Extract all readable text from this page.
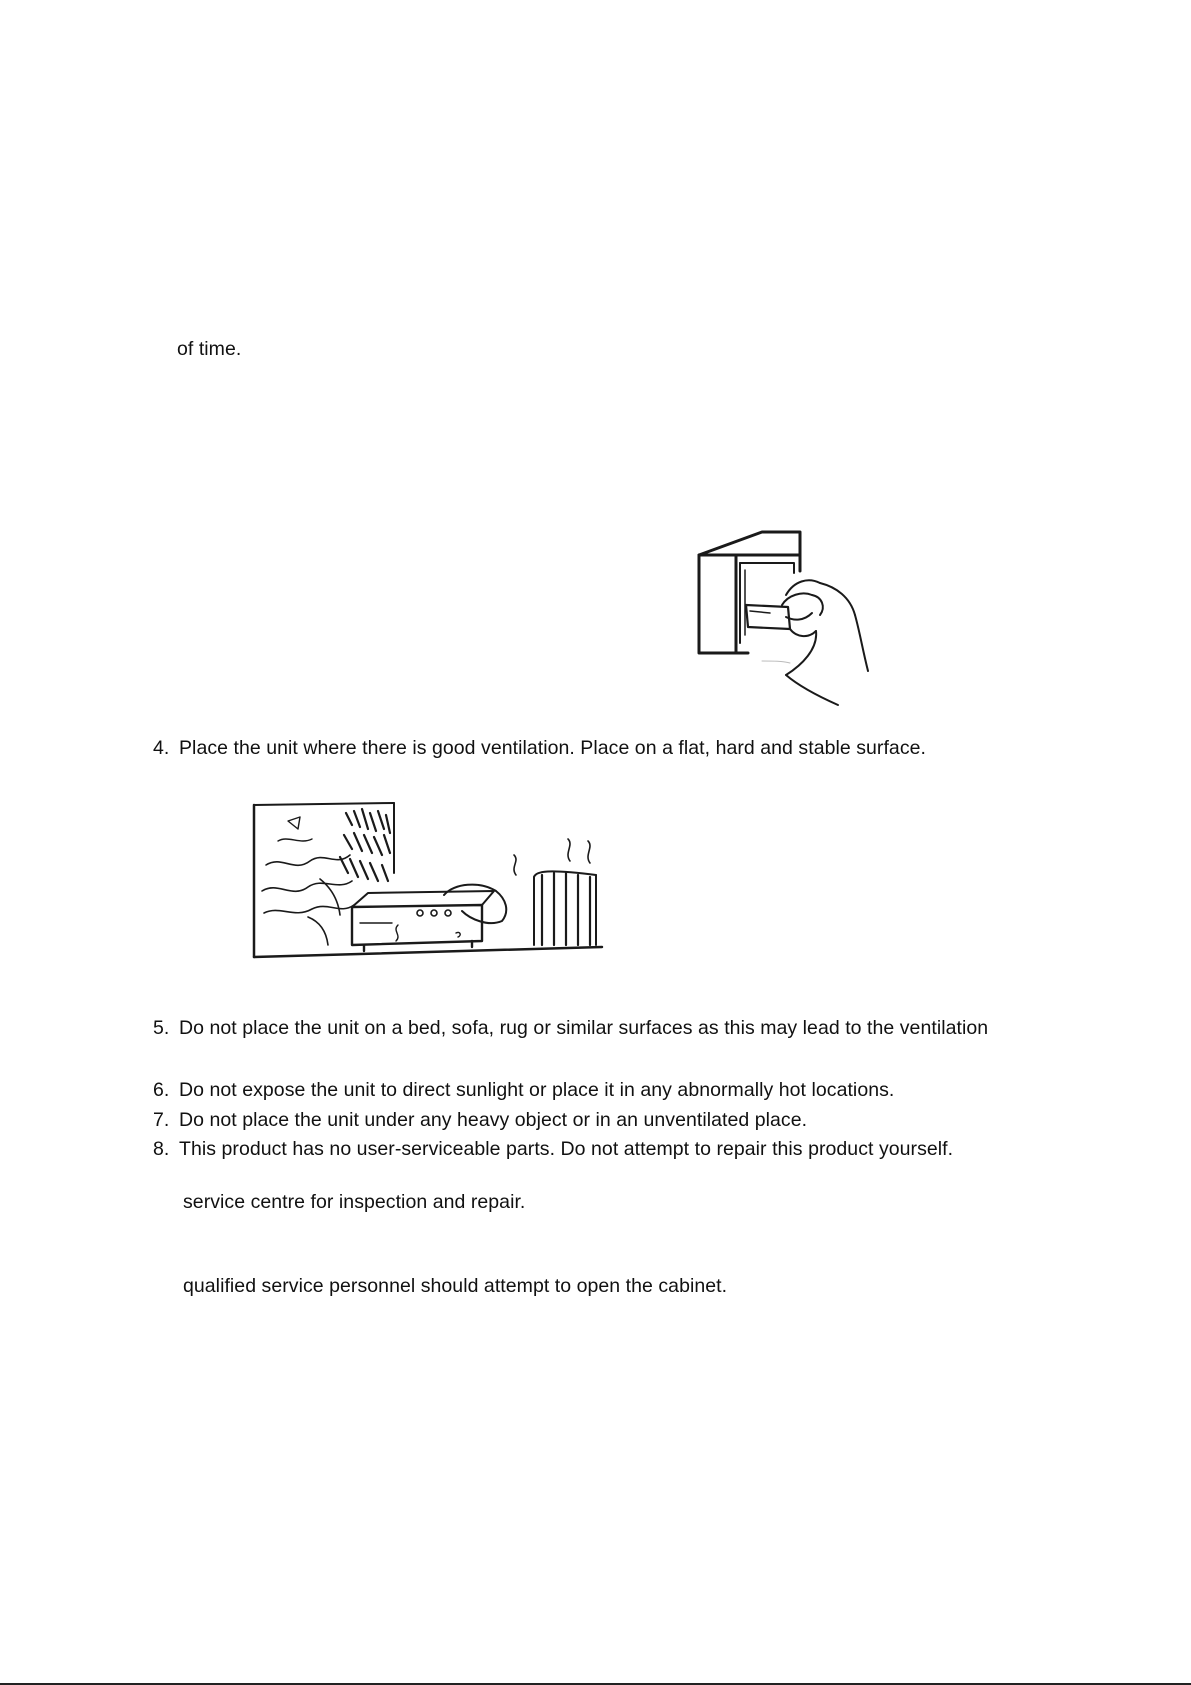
of time.
4. Place the unit where there is good ventilation. Place on a flat, hard and stable surface.
5. Do not place the unit on a bed, sofa, rug or similar surfaces as this may lead to the ventilation
6. Do not expose the unit to direct sunlight or place it in any abnormally hot locations.
7. Do not place the unit under any heavy object or in an unventilated place.
8. This product has no user-serviceable parts. Do not attempt to repair this product yourself.
service centre for inspection and repair.
qualified service personnel should attempt to open the cabinet.
